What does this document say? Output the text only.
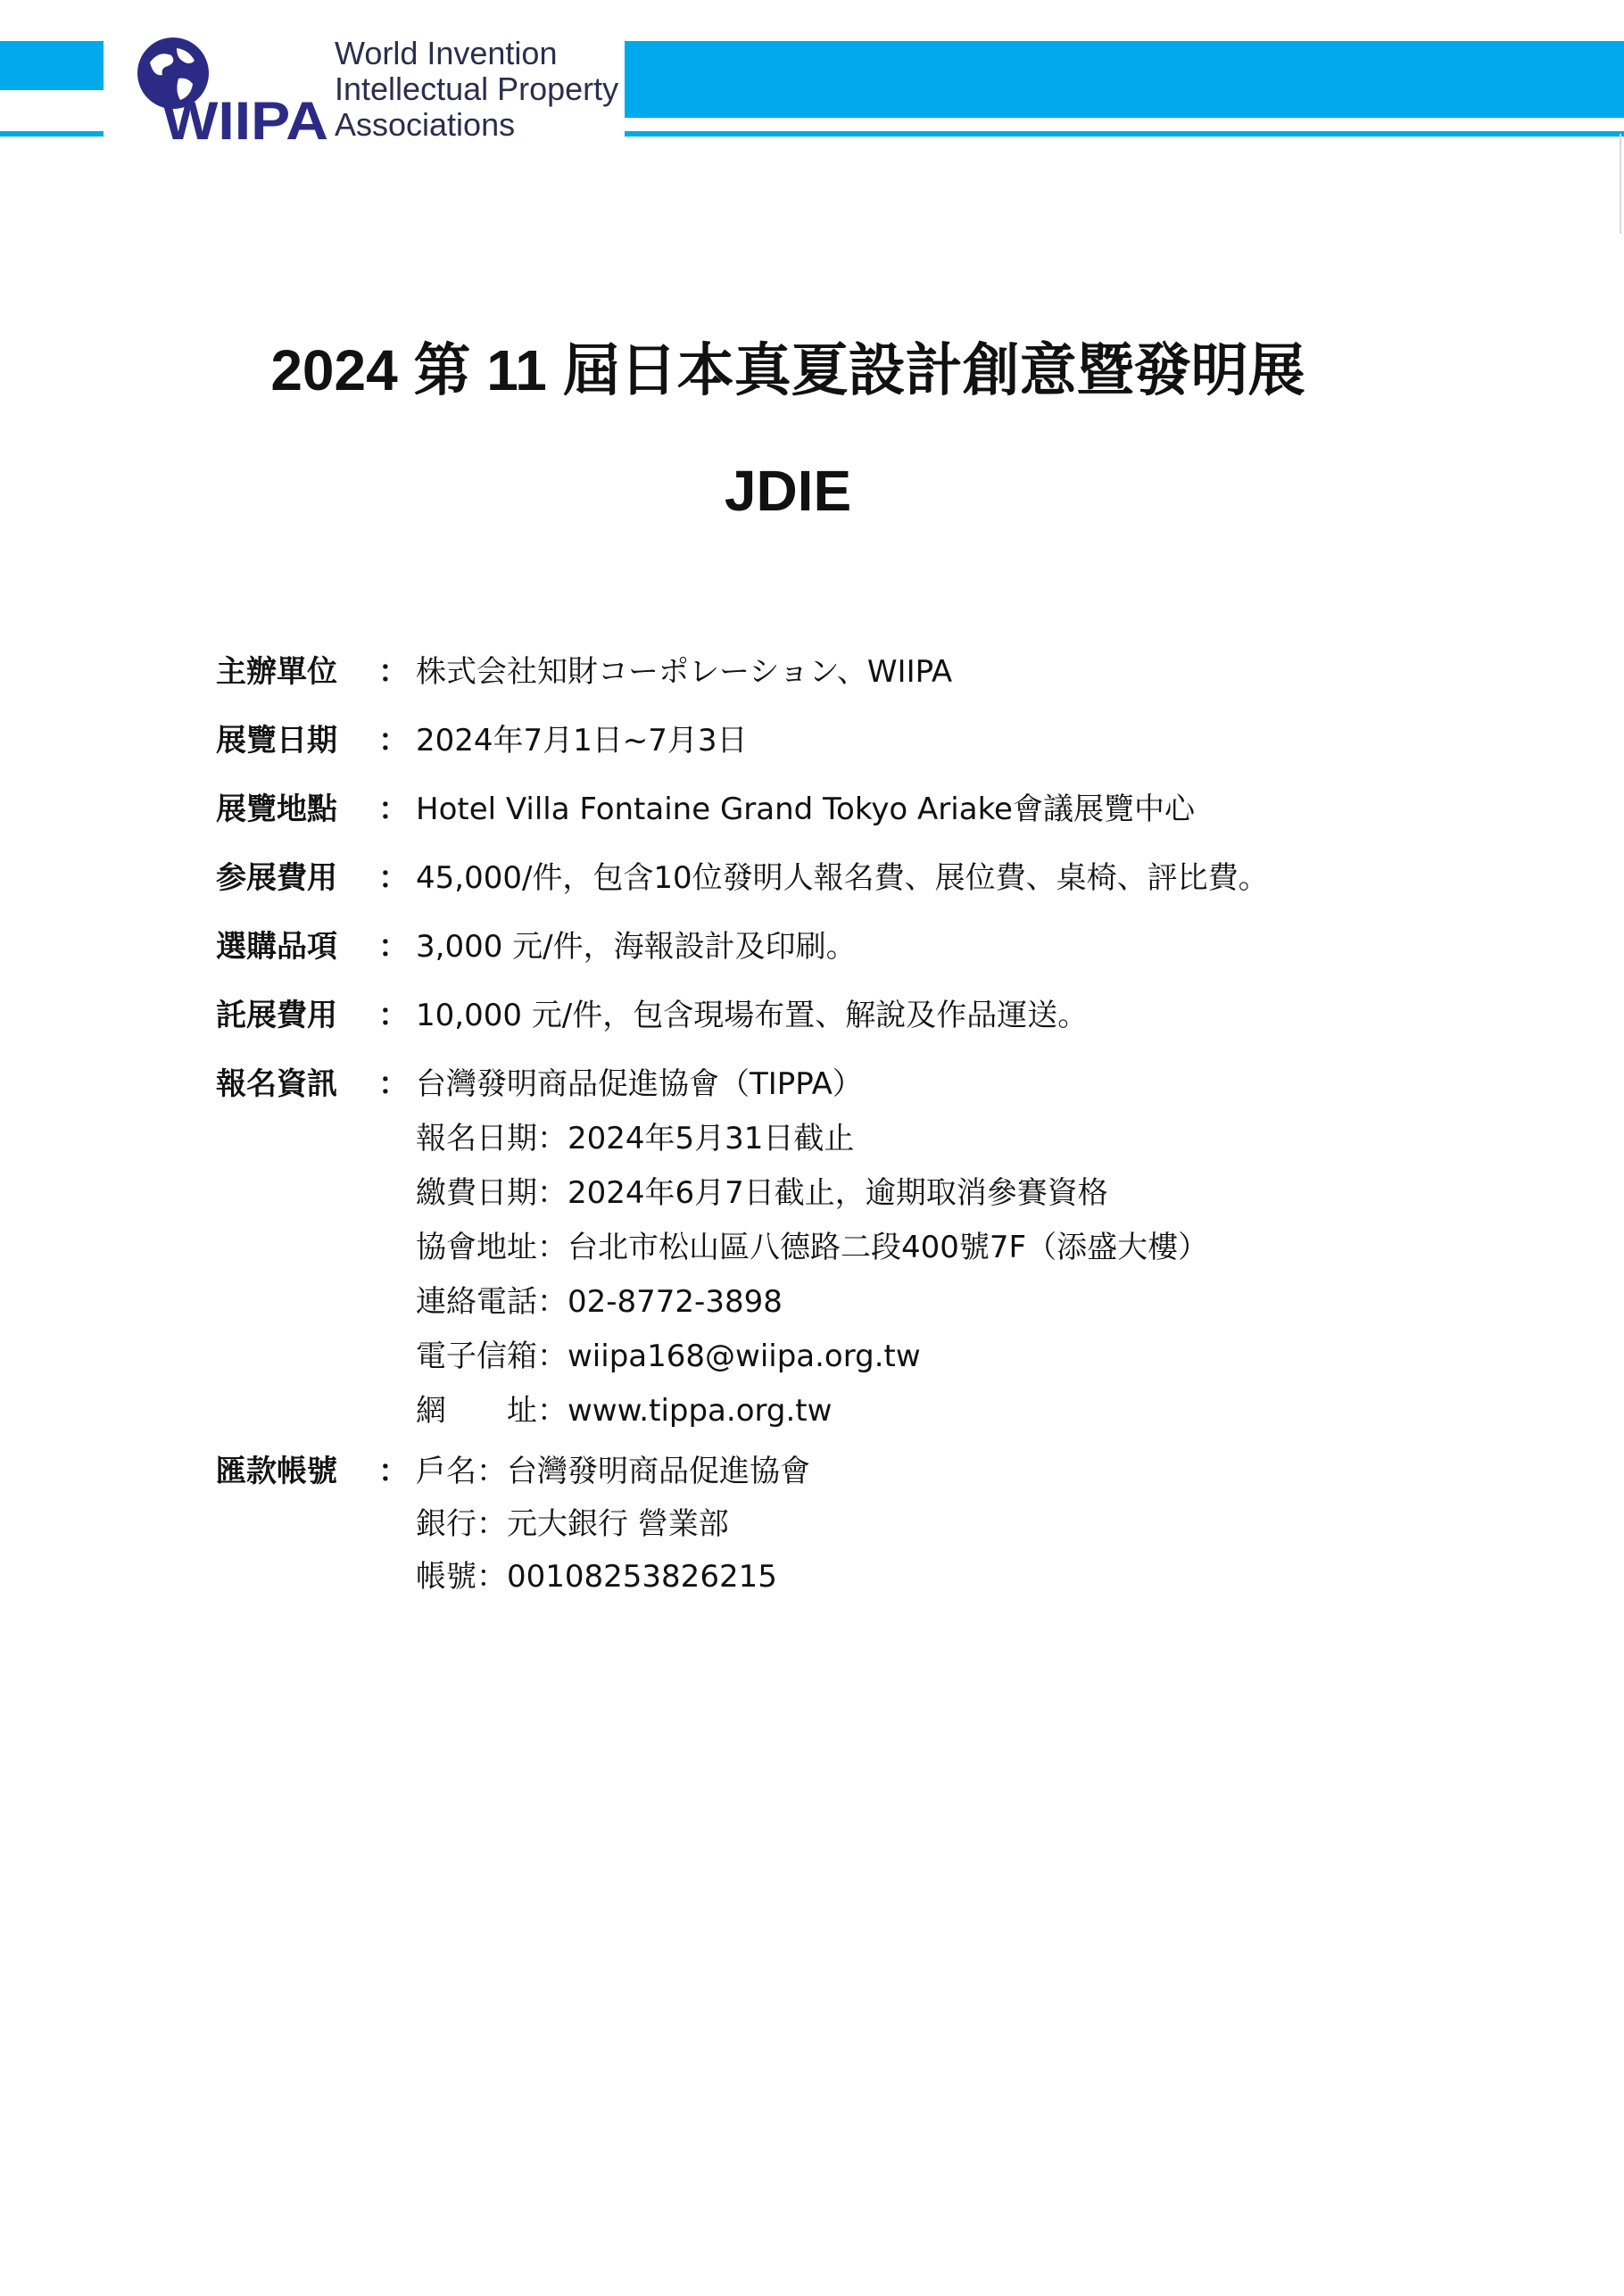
WIIPA
World Invention
Intellectual Property
Associations
2024 第 11 屆日本真夏設計創意暨發明展
JDIE
主辦單位	： 株式会社知財コーポレーション、WIIPA
展覽日期	： 2024年7月1日~7月3日
展覽地點	： Hotel Villa Fontaine Grand Tokyo Ariake會議展覽中心
参展費用	： 45,000/件，包含10位發明人報名費、展位費、桌椅、評比費。
選購品項	： 3,000 元/件，海報設計及印刷。
託展費用	： 10,000 元/件，包含現場布置、解說及作品運送。
報名資訊	： 台灣發明商品促進協會（TIPPA）
報名日期：2024年5月31日截止
繳費日期：2024年6月7日截止，逾期取消參賽資格
協會地址：台北市松山區八德路二段400號7F（添盛大樓）
連絡電話：02-8772-3898
電子信箱：wiipa168@wiipa.org.tw
網　　址：www.tippa.org.tw
匯款帳號	： 戶名：台灣發明商品促進協會
銀行：元大銀行 營業部
帳號：00108253826215
